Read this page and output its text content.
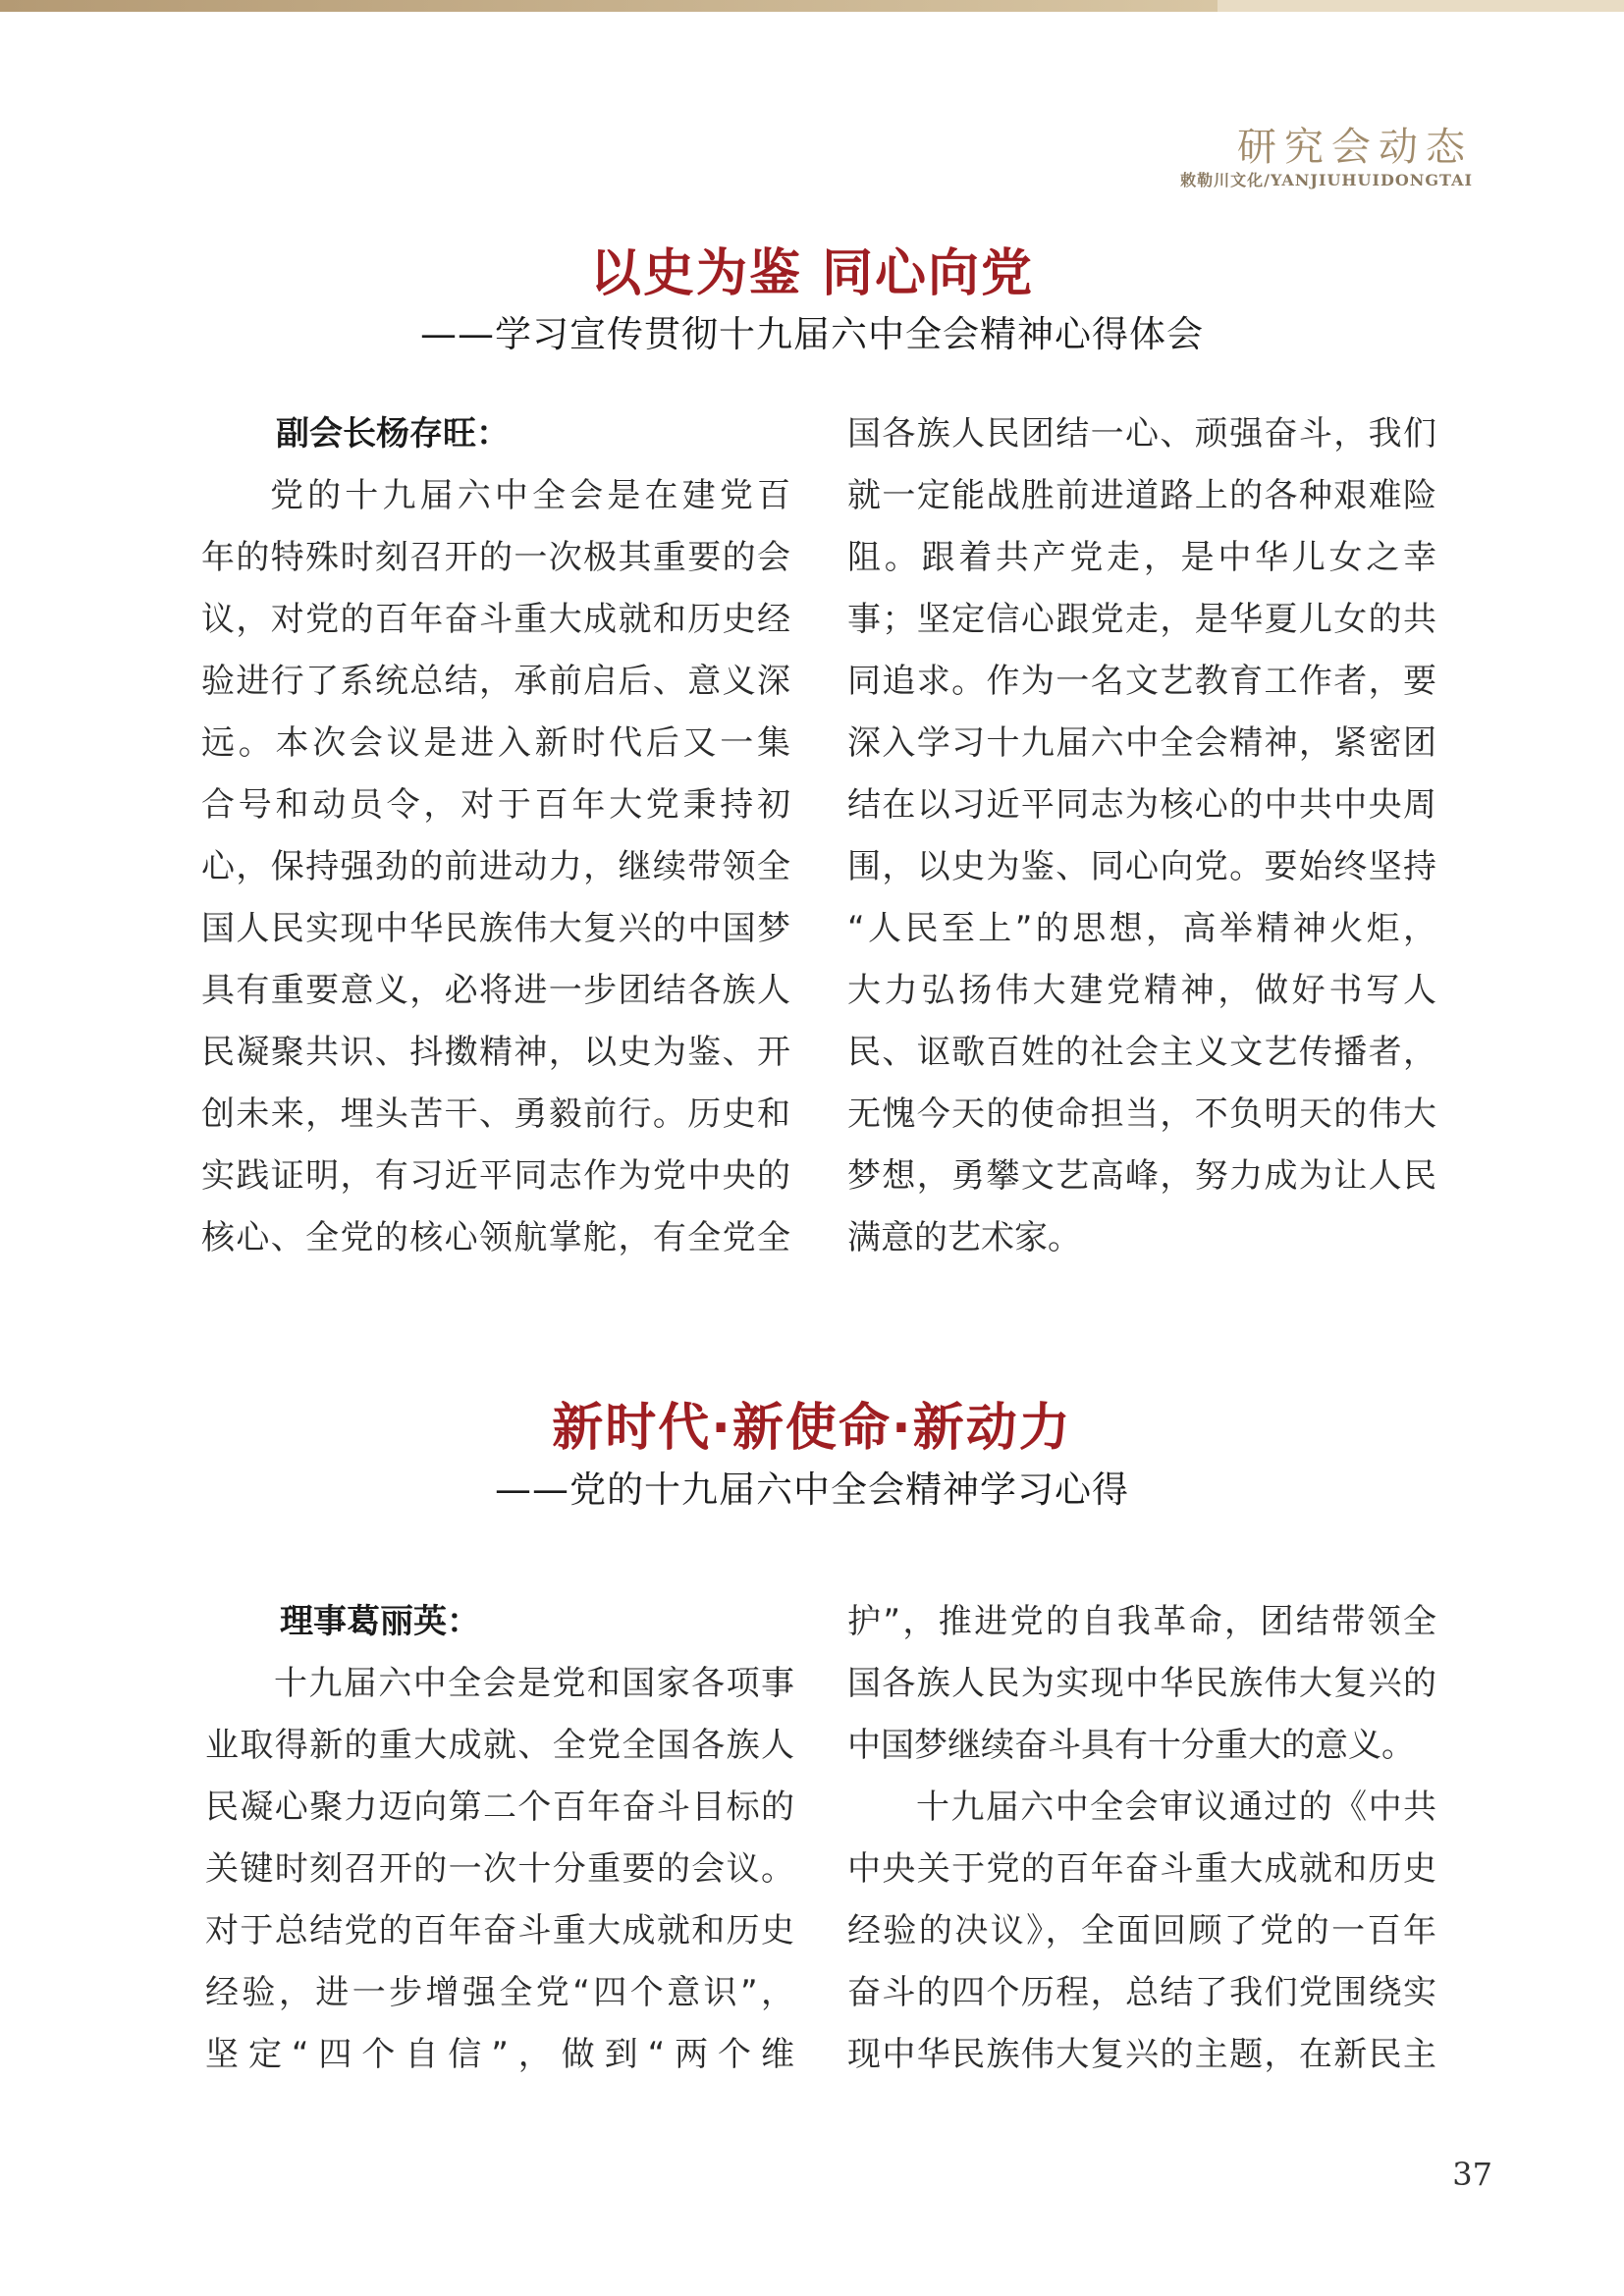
研究会动态
敕勒川文化/YANJIUHUIDONGTAI
以史为鉴 同心向党
——学习宣传贯彻十九届六中全会精神心得体会
副会长杨存旺：
党的十九届六中全会是在建党百
年的特殊时刻召开的一次极其重要的会
议，对党的百年奋斗重大成就和历史经
验进行了系统总结，承前启后、意义深
远。本次会议是进入新时代后又一集
合号和动员令，对于百年大党秉持初
心，保持强劲的前进动力，继续带领全
国人民实现中华民族伟大复兴的中国梦
具有重要意义，必将进一步团结各族人
民凝聚共识、抖擞精神，以史为鉴、开
创未来，埋头苦干、勇毅前行。历史和
实践证明，有习近平同志作为党中央的
核心、全党的核心领航掌舵，有全党全
国各族人民团结一心、顽强奋斗，我们
就一定能战胜前进道路上的各种艰难险
阻。跟着共产党走，是中华儿女之幸
事；坚定信心跟党走，是华夏儿女的共
同追求。作为一名文艺教育工作者，要
深入学习十九届六中全会精神，紧密团
结在以习近平同志为核心的中共中央周
围，以史为鉴、同心向党。要始终坚持
“人民至上”的思想，高举精神火炬，
大力弘扬伟大建党精神，做好书写人
民、讴歌百姓的社会主义文艺传播者，
无愧今天的使命担当，不负明天的伟大
梦想，勇攀文艺高峰，努力成为让人民
满意的艺术家。
新时代·新使命·新动力
——党的十九届六中全会精神学习心得
理事葛丽英：
十九届六中全会是党和国家各项事
业取得新的重大成就、全党全国各族人
民凝心聚力迈向第二个百年奋斗目标的
关键时刻召开的一次十分重要的会议。
对于总结党的百年奋斗重大成就和历史
经验，进一步增强全党“四个意识”，
坚定“四个自信”，做到“两个维
护”，推进党的自我革命，团结带领全
国各族人民为实现中华民族伟大复兴的
中国梦继续奋斗具有十分重大的意义。
十九届六中全会审议通过的《中共
中央关于党的百年奋斗重大成就和历史
经验的决议》，全面回顾了党的一百年
奋斗的四个历程，总结了我们党围绕实
现中华民族伟大复兴的主题，在新民主
37
